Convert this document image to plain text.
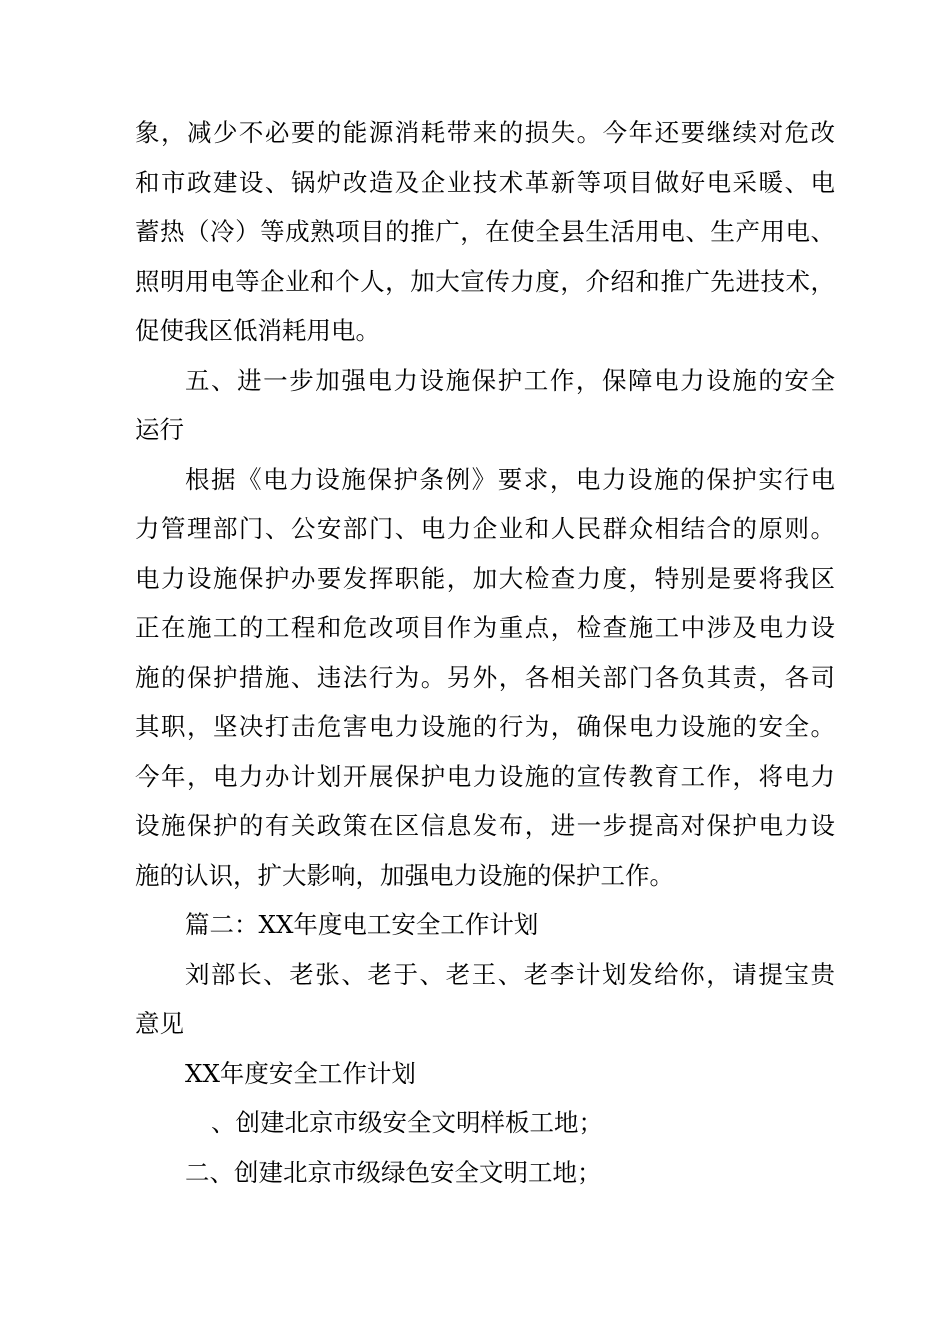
象，减少不必要的能源消耗带来的损失。今年还要继续对危改
和市政建设、锅炉改造及企业技术革新等项目做好电采暖、电
蓄热（冷）等成熟项目的推广，在使全县生活用电、生产用电、
照明用电等企业和个人，加大宣传力度，介绍和推广先进技术，
促使我区低消耗用电。
五、进一步加强电力设施保护工作，保障电力设施的安全
运行
根据《电力设施保护条例》要求，电力设施的保护实行电
力管理部门、公安部门、电力企业和人民群众相结合的原则。
电力设施保护办要发挥职能，加大检查力度，特别是要将我区
正在施工的工程和危改项目作为重点，检查施工中涉及电力设
施的保护措施、违法行为。另外，各相关部门各负其责，各司
其职，坚决打击危害电力设施的行为，确保电力设施的安全。
今年，电力办计划开展保护电力设施的宣传教育工作，将电力
设施保护的有关政策在区信息发布，进一步提高对保护电力设
施的认识，扩大影响，加强电力设施的保护工作。
篇二：XX年度电工安全工作计划
刘部长、老张、老于、老王、老李计划发给你，请提宝贵
意见
XX年度安全工作计划
、创建北京市级安全文明样板工地；
二、创建北京市级绿色安全文明工地；
